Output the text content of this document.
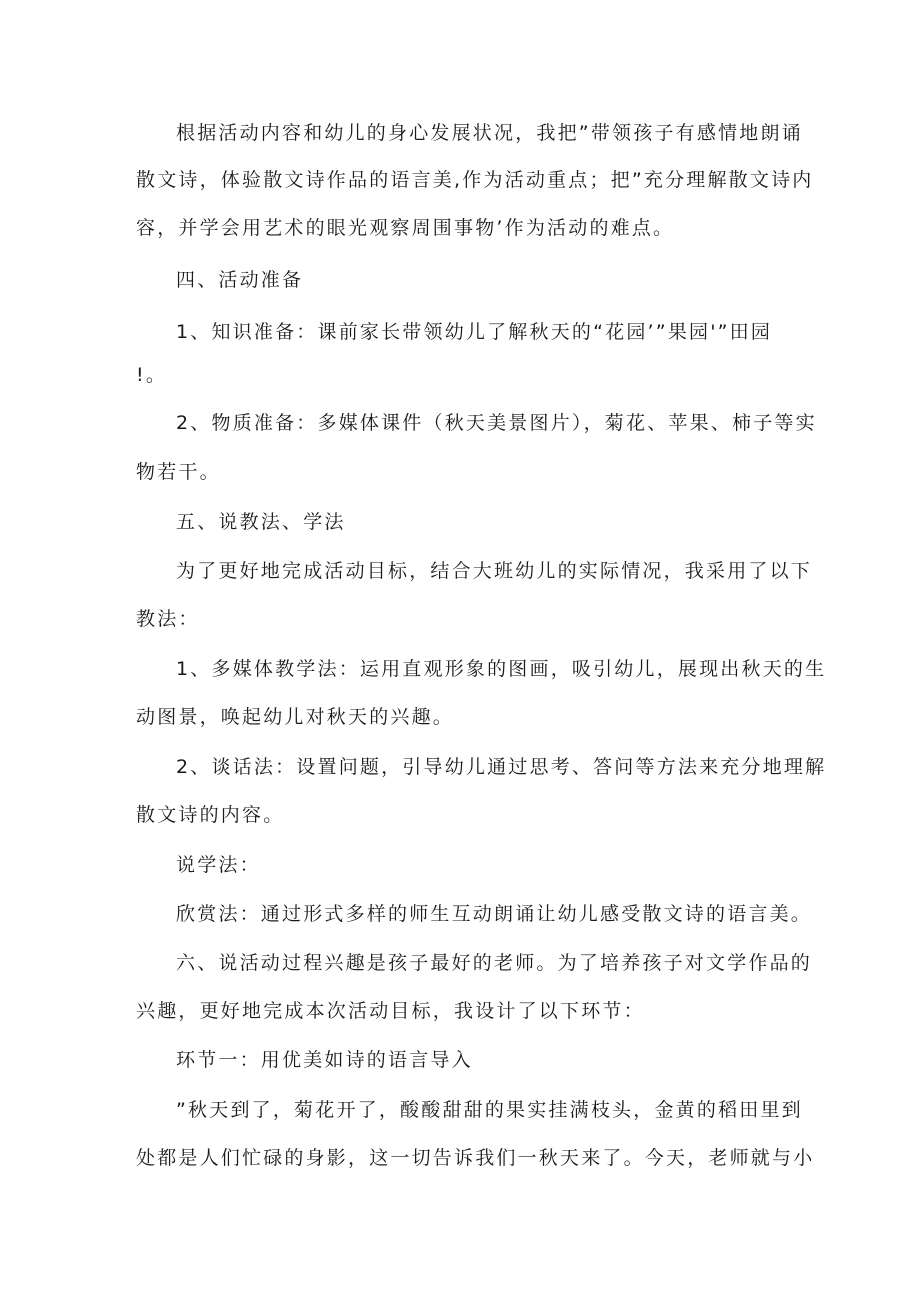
根据活动内容和幼儿的身心发展状况，我把”带领孩子有感情地朗诵
散文诗，体验散文诗作品的语言美,作为活动重点；把”充分理解散文诗内
容，并学会用艺术的眼光观察周围事物’作为活动的难点。
四、活动准备
1、知识准备：课前家长带领幼儿了解秋天的“花园’”果园'”田园
!。
2、物质准备：多媒体课件（秋天美景图片），菊花、苹果、柿子等实
物若干。
五、说教法、学法
为了更好地完成活动目标，结合大班幼儿的实际情况，我采用了以下
教法：
1、多媒体教学法：运用直观形象的图画，吸引幼儿，展现出秋天的生
动图景，唤起幼儿对秋天的兴趣。
2、谈话法：设置问题，引导幼儿通过思考、答问等方法来充分地理解
散文诗的内容。
说学法：
欣赏法：通过形式多样的师生互动朗诵让幼儿感受散文诗的语言美。
六、说活动过程兴趣是孩子最好的老师。为了培养孩子对文学作品的
兴趣，更好地完成本次活动目标，我设计了以下环节：
环节一：用优美如诗的语言导入
”秋天到了，菊花开了，酸酸甜甜的果实挂满枝头，金黄的稻田里到
处都是人们忙碌的身影，这一切告诉我们一秋天来了。今天，老师就与小
